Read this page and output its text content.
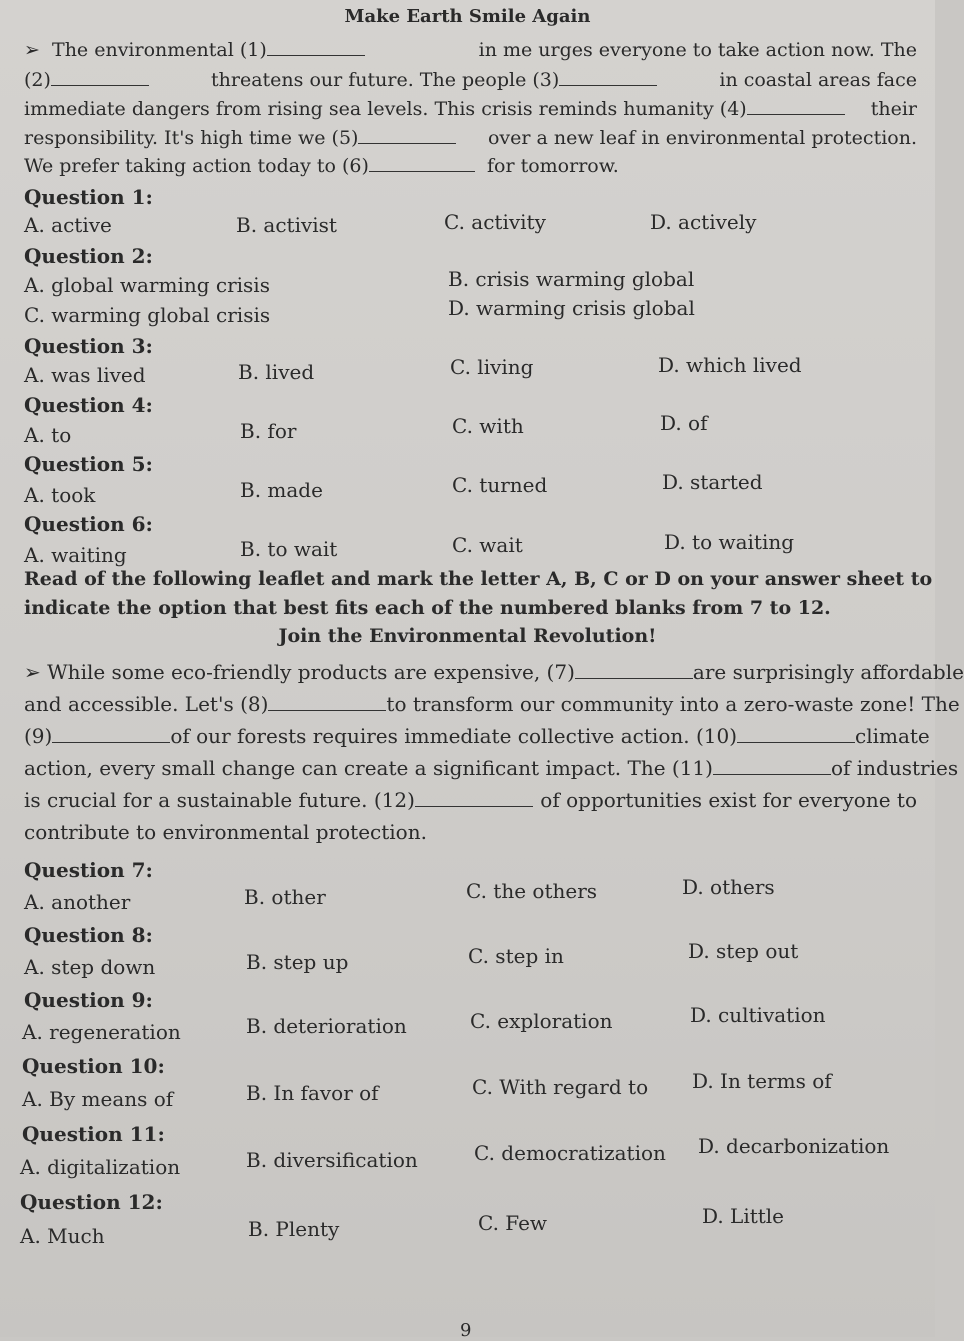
Make Earth Smile Again
➢ The environmental (1)	in me urges everyone to take action now. The
(2)	threatens our future. The people (3)	in coastal areas face
immediate dangers from rising sea levels. This crisis reminds humanity (4)	their
responsibility. It's high time we (5)	over a new leaf in environmental protection.
We prefer taking action today to (6)	for tomorrow.
Question 1:
A. active	B. activist	C. activity	D. actively
Question 2:
A. global warming crisis	B. crisis warming global
C. warming global crisis	D. warming crisis global
Question 3:
A. was lived	B. lived	C. living	D. which lived
Question 4:
A. to	B. for	C. with	D. of
Question 5:
A. took	B. made	C. turned	D. started
Question 6:
A. waiting	B. to wait	C. wait	D. to waiting
Read of the following leaflet and mark the letter A, B, C or D on your answer sheet to
indicate the option that best fits each of the numbered blanks from 7 to 12.
Join the Environmental Revolution!
➢ While some eco-friendly products are expensive, (7)	are surprisingly affordable
and accessible. Let's (8)	to transform our community into a zero-waste zone! The
(9)	of our forests requires immediate collective action. (10)	climate
action, every small change can create a significant impact. The (11)	of industries
is crucial for a sustainable future. (12)	of opportunities exist for everyone to
contribute to environmental protection.
Question 7:
A. another	B. other	C. the others	D. others
Question 8:
A. step down	B. step up	C. step in	D. step out
Question 9:
A. regeneration	B. deterioration	C. exploration	D. cultivation
Question 10:
A. By means of	B. In favor of	C. With regard to D. In terms of
Question 11:
A. digitalization	B. diversification	C. democratization D. decarbonization
Question 12:
A. Much	B. Plenty	C. Few	D. Little
9
